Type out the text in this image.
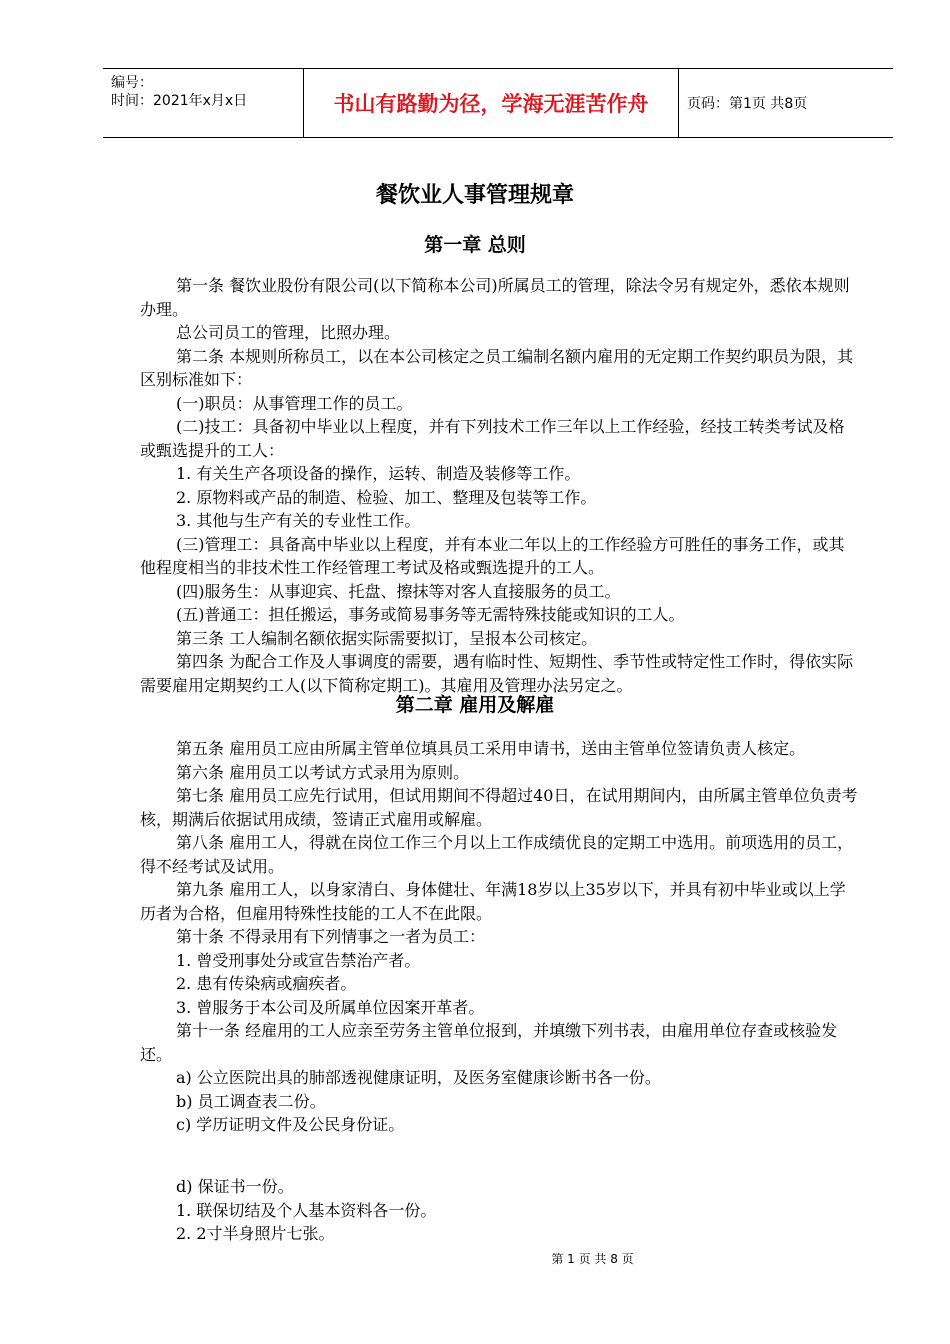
编号：
时间：2021年x月x日	书山有路勤为径，学海无涯苦作舟	页码：第1页 共8页
餐饮业人事管理规章
第一章 总则
第一条 餐饮业股份有限公司(以下简称本公司)所属员工的管理，除法令另有规定外，悉依本规则办理。
总公司员工的管理，比照办理。
第二条 本规则所称员工，以在本公司核定之员工编制名额内雇用的无定期工作契约职员为限，其区别标准如下：
(一)职员：从事管理工作的员工。
(二)技工：具备初中毕业以上程度，并有下列技术工作三年以上工作经验，经技工转类考试及格或甄选提升的工人：
1. 有关生产各项设备的操作，运转、制造及装修等工作。
2. 原物料或产品的制造、检验、加工、整理及包装等工作。
3. 其他与生产有关的专业性工作。
(三)管理工：具备高中毕业以上程度，并有本业二年以上的工作经验方可胜任的事务工作，或其他程度相当的非技术性工作经管理工考试及格或甄选提升的工人。
(四)服务生：从事迎宾、托盘、擦抹等对客人直接服务的员工。
(五)普通工：担任搬运，事务或简易事务等无需特殊技能或知识的工人。
第三条 工人编制名额依据实际需要拟订，呈报本公司核定。
第四条 为配合工作及人事调度的需要，遇有临时性、短期性、季节性或特定性工作时，得依实际需要雇用定期契约工人(以下简称定期工)。其雇用及管理办法另定之。
第二章 雇用及解雇
第五条 雇用员工应由所属主管单位填具员工采用申请书，送由主管单位签请负责人核定。
第六条 雇用员工以考试方式录用为原则。
第七条 雇用员工应先行试用，但试用期间不得超过40日，在试用期间内，由所属主管单位负责考核，期满后依据试用成绩，签请正式雇用或解雇。
第八条 雇用工人，得就在岗位工作三个月以上工作成绩优良的定期工中选用。前项选用的员工，得不经考试及试用。
第九条 雇用工人，以身家清白、身体健壮、年满18岁以上35岁以下，并具有初中毕业或以上学历者为合格，但雇用特殊性技能的工人不在此限。
第十条 不得录用有下列情事之一者为员工：
1. 曾受刑事处分或宣告禁治产者。
2. 患有传染病或痼疾者。
3. 曾服务于本公司及所属单位因案开革者。
第十一条 经雇用的工人应亲至劳务主管单位报到，并填缴下列书表，由雇用单位存查或核验发还。
a) 公立医院出具的肺部透视健康证明，及医务室健康诊断书各一份。
b) 员工调查表二份。
c) 学历证明文件及公民身份证。
d) 保证书一份。
1. 联保切结及个人基本资料各一份。
2. 2寸半身照片七张。
第 1 页 共 8 页
